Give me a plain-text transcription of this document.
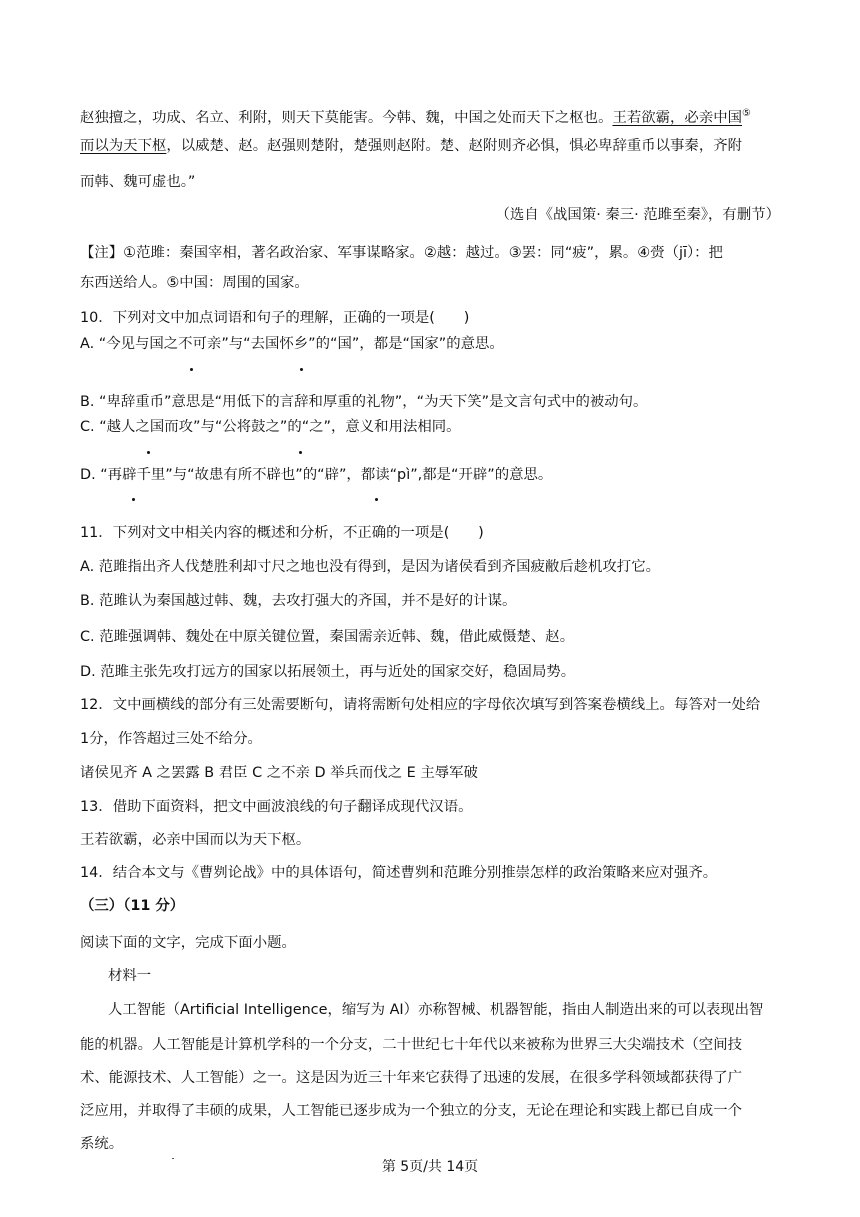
赵独擅之，功成、名立、利附，则天下莫能害。今韩、魏，中国之处而天下之枢也。王若欲霸，必亲中国⑤
而以为天下枢，以威楚、赵。赵强则楚附，楚强则赵附。楚、赵附则齐必惧，惧必卑辞重币以事秦，齐附
而韩、魏可虚也。”
（选自《战国策· 秦三· 范雎至秦》，有删节）
【注】①范雎：秦国宰相，著名政治家、军事谋略家。②越：越过。③罢：同“疲”，累。④赍（jī）：把
东西送给人。⑤中国：周围的国家。
10．下列对文中加点词语和句子的理解，正确的一项是(　　)
A. “今见与国之不可亲”与“去国怀乡”的“国”，都是“国家”的意思。
B. “卑辞重币”意思是“用低下的言辞和厚重的礼物”，“为天下笑”是文言句式中的被动句。
C. “越人之国而攻”与“公将鼓之”的“之”，意义和用法相同。
D. “再辟千里”与“故患有所不辟也”的“辟”，都读“pì”,都是“开辟”的意思。
11．下列对文中相关内容的概述和分析，不正确的一项是(　　)
A. 范雎指出齐人伐楚胜利却寸尺之地也没有得到，是因为诸侯看到齐国疲敝后趁机攻打它。
B. 范雎认为秦国越过韩、魏，去攻打强大的齐国，并不是好的计谋。
C. 范雎强调韩、魏处在中原关键位置，秦国需亲近韩、魏，借此威慑楚、赵。
D. 范雎主张先攻打远方的国家以拓展领土，再与近处的国家交好，稳固局势。
12．文中画横线的部分有三处需要断句，请将需断句处相应的字母依次填写到答案卷横线上。每答对一处给
1分，作答超过三处不给分。
诸侯见齐 A 之罢露 B 君臣 C 之不亲 D 举兵而伐之 E 主辱军破
13．借助下面资料，把文中画波浪线的句子翻译成现代汉语。
王若欲霸，必亲中国而以为天下枢。
14．结合本文与《曹刿论战》中的具体语句，简述曹刿和范雎分别推崇怎样的政治策略来应对强齐。
（三）（11 分）
阅读下面的文字，完成下面小题。
材料一
人工智能（Artificial Intelligence，缩写为 AI）亦称智械、机器智能，指由人制造出来的可以表现出智
能的机器。人工智能是计算机学科的一个分支，二十世纪七十年代以来被称为世界三大尖端技术（空间技
术、能源技术、人工智能）之一。这是因为近三十年来它获得了迅速的发展，在很多学科领域都获得了广
泛应用，并取得了丰硕的成果，人工智能已逐步成为一个独立的分支，无论在理论和实践上都已自成一个
系统。
第 5页/共 14页
